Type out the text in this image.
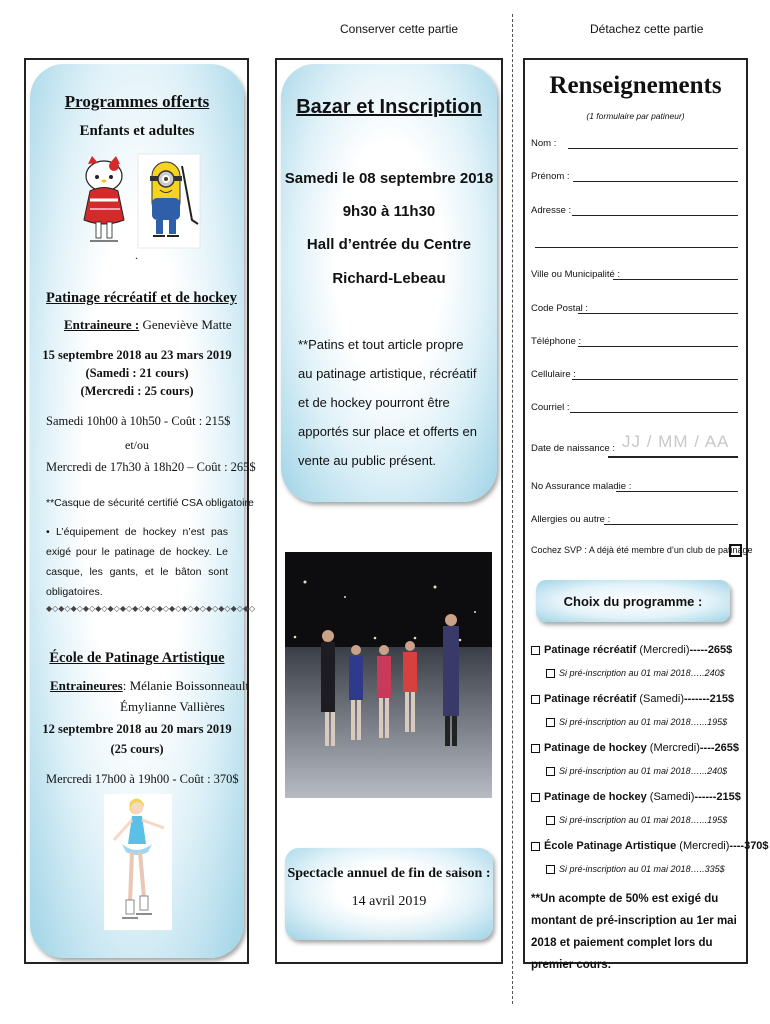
Conserver cette partie	Détachez cette partie
Programmes offerts
Enfants et adultes
.
Patinage récréatif et de hockey
Entraineure : Geneviève Matte
15 septembre 2018 au 23 mars 2019
(Samedi : 21 cours)
(Mercredi : 25 cours)
Samedi 10h00 à 10h50 - Coût : 215$
et/ou
Mercredi de 17h30 à 18h20 – Coût : 265$
**Casque de sécurité certifié CSA obligatoire
• L’équipement de hockey n’est pas exigé pour le patinage de hockey. Le casque, les gants, et le bâton sont obligatoires.
◆◇◆◇◆◇◆◇◆◇◆◇◆◇◆◇◆◇◆◇◆◇◆◇◆◇◆◇◆◇◆◇◆◇
École de Patinage Artistique
Entraineures: Mélanie Boissonneault
Émylianne Vallières
12 septembre 2018 au 20 mars 2019
(25 cours)
Mercredi 17h00 à 19h00 - Coût : 370$
Bazar et Inscription
Samedi le 08 septembre 2018
9h30 à 11h30
Hall d’entrée du Centre
Richard-Lebeau
**Patins et tout article propre au patinage artistique, récréatif et de hockey pourront être apportés sur place et offerts en vente au public présent.
Spectacle annuel de fin de saison :
14 avril 2019
Renseignements
(1 formulaire par patineur)
Nom :
Prénom :
Adresse :
Ville ou Municipalité :
Code Postal :
Téléphone :
Cellulaire :
Courriel :
Date de naissance : JJ / MM / AA
No Assurance maladie :
Allergies ou autre :
Cochez SVP : A déjà été membre d’un club de patinage
Choix du programme :
Patinage récréatif (Mercredi)-----265$
Si pré-inscription au 01 mai 2018…..240$
Patinage récréatif (Samedi)-------215$
Si pré-inscription au 01 mai 2018…...195$
Patinage de hockey (Mercredi)----265$
Si pré-inscription au 01 mai 2018…...240$
Patinage de hockey (Samedi)------215$
Si pré-inscription au 01 mai 2018…...195$
École Patinage Artistique (Mercredi)----370$
Si pré-inscription au 01 mai 2018…..335$
**Un acompte de 50% est exigé du montant de pré-inscription au 1er mai 2018 et paiement complet lors du premier cours.
